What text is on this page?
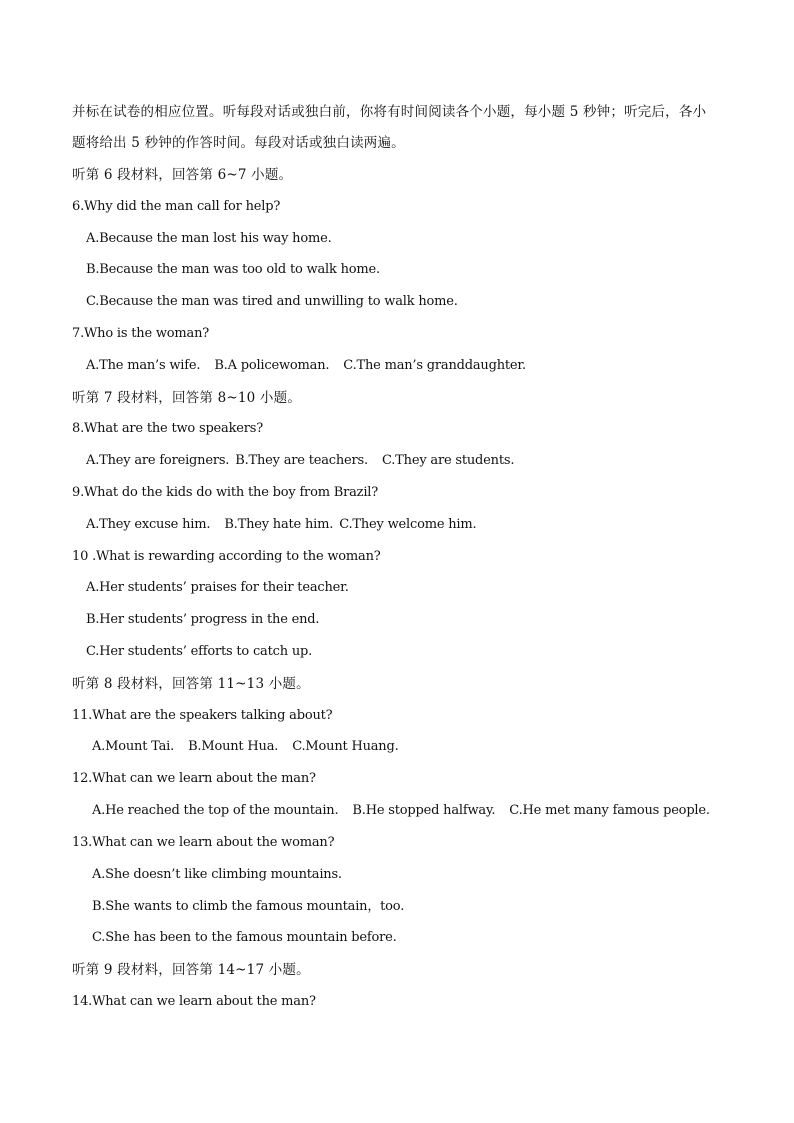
并标在试卷的相应位置。听每段对话或独白前，你将有时间阅读各个小题，每小题 5 秒钟；听完后，各小
题将给出 5 秒钟的作答时间。每段对话或独白读两遍。
听第 6 段材料，回答第 6~7 小题。
6.Why did the man call for help?
A.Because the man lost his way home.
B.Because the man was too old to walk home.
C.Because the man was tired and unwilling to walk home.
7.Who is the woman?
A.The man’s wife. B.A policewoman. C.The man’s granddaughter.
听第 7 段材料，回答第 8~10 小题。
8.What are the two speakers?
A.They are foreigners. B.They are teachers. C.They are students.
9.What do the kids do with the boy from Brazil?
A.They excuse him. B.They hate him. C.They welcome him.
10 .What is rewarding according to the woman?
A.Her students’ praises for their teacher.
B.Her students’ progress in the end.
C.Her students’ efforts to catch up.
听第 8 段材料，回答第 11~13 小题。
11.What are the speakers talking about?
A.Mount Tai. B.Mount Hua. C.Mount Huang.
12.What can we learn about the man?
A.He reached the top of the mountain. B.He stopped halfway. C.He met many famous people.
13.What can we learn about the woman?
A.She doesn’t like climbing mountains.
B.She wants to climb the famous mountain，too.
C.She has been to the famous mountain before.
听第 9 段材料，回答第 14~17 小题。
14.What can we learn about the man?
